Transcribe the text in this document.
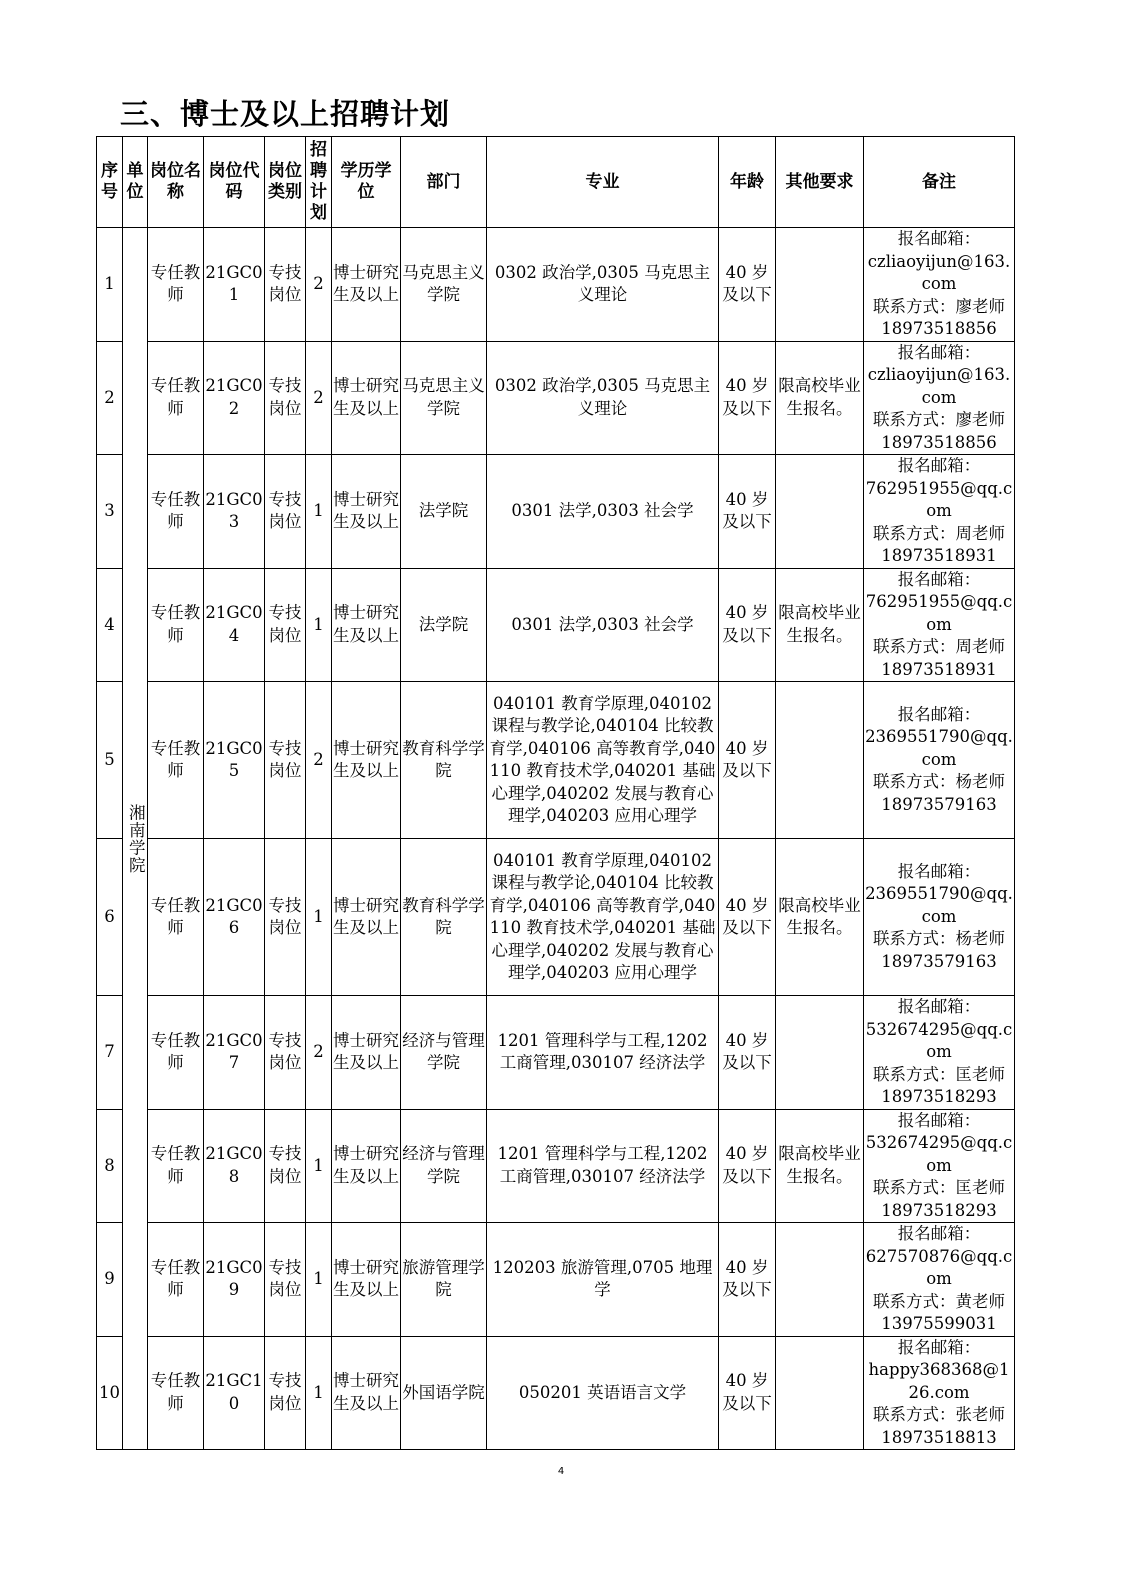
三、博士及以上招聘计划
序号	单位	岗位名称	岗位代码	岗位类别	招聘计划	学历学位	部门	专业	年龄	其他要求	备注
1	湘南学院	专任教师	21GC01	专技岗位	2	博士研究生及以上	马克思主义学院	0302 政治学,0305 马克思主义理论	40 岁及以下		报名邮箱：
czliaoyijun@163.com
联系方式：廖老师
18973518856

2		专任教师	21GC02	专技岗位	2	博士研究生及以上	马克思主义学院	0302 政治学,0305 马克思主义理论	40 岁及以下	限高校毕业生报名。	报名邮箱：
czliaoyijun@163.com
联系方式：廖老师
18973518856

3		专任教师	21GC03	专技岗位	1	博士研究生及以上	法学院	0301 法学,0303 社会学	40 岁及以下		报名邮箱：
762951955@qq.com
联系方式：周老师
18973518931

4		专任教师	21GC04	专技岗位	1	博士研究生及以上	法学院	0301 法学,0303 社会学	40 岁及以下	限高校毕业生报名。	报名邮箱：
762951955@qq.com
联系方式：周老师
18973518931

5		专任教师	21GC05	专技岗位	2	博士研究生及以上	教育科学学院	040101 教育学原理,040102 课程与教学论,040104 比较教育学,040106 高等教育学,040110 教育技术学,040201 基础心理学,040202 发展与教育心理学,040203 应用心理学	40 岁及以下		报名邮箱：
2369551790@qq.com
联系方式：杨老师
18973579163

6		专任教师	21GC06	专技岗位	1	博士研究生及以上	教育科学学院	040101 教育学原理,040102 课程与教学论,040104 比较教育学,040106 高等教育学,040110 教育技术学,040201 基础心理学,040202 发展与教育心理学,040203 应用心理学	40 岁及以下	限高校毕业生报名。	报名邮箱：
2369551790@qq.com
联系方式：杨老师
18973579163

7		专任教师	21GC07	专技岗位	2	博士研究生及以上	经济与管理学院	1201 管理科学与工程,1202 工商管理,030107 经济法学	40 岁及以下		报名邮箱：
532674295@qq.com
联系方式：匡老师
18973518293

8		专任教师	21GC08	专技岗位	1	博士研究生及以上	经济与管理学院	1201 管理科学与工程,1202 工商管理,030107 经济法学	40 岁及以下	限高校毕业生报名。	报名邮箱：
532674295@qq.com
联系方式：匡老师
18973518293

9		专任教师	21GC09	专技岗位	1	博士研究生及以上	旅游管理学院	120203 旅游管理,0705 地理学	40 岁及以下		报名邮箱：
627570876@qq.com
联系方式：黄老师
13975599031

10		专任教师	21GC10	专技岗位	1	博士研究生及以上	外国语学院	050201 英语语言文学	40 岁及以下		报名邮箱：
happy368368@126.com
联系方式：张老师
18973518813
4
